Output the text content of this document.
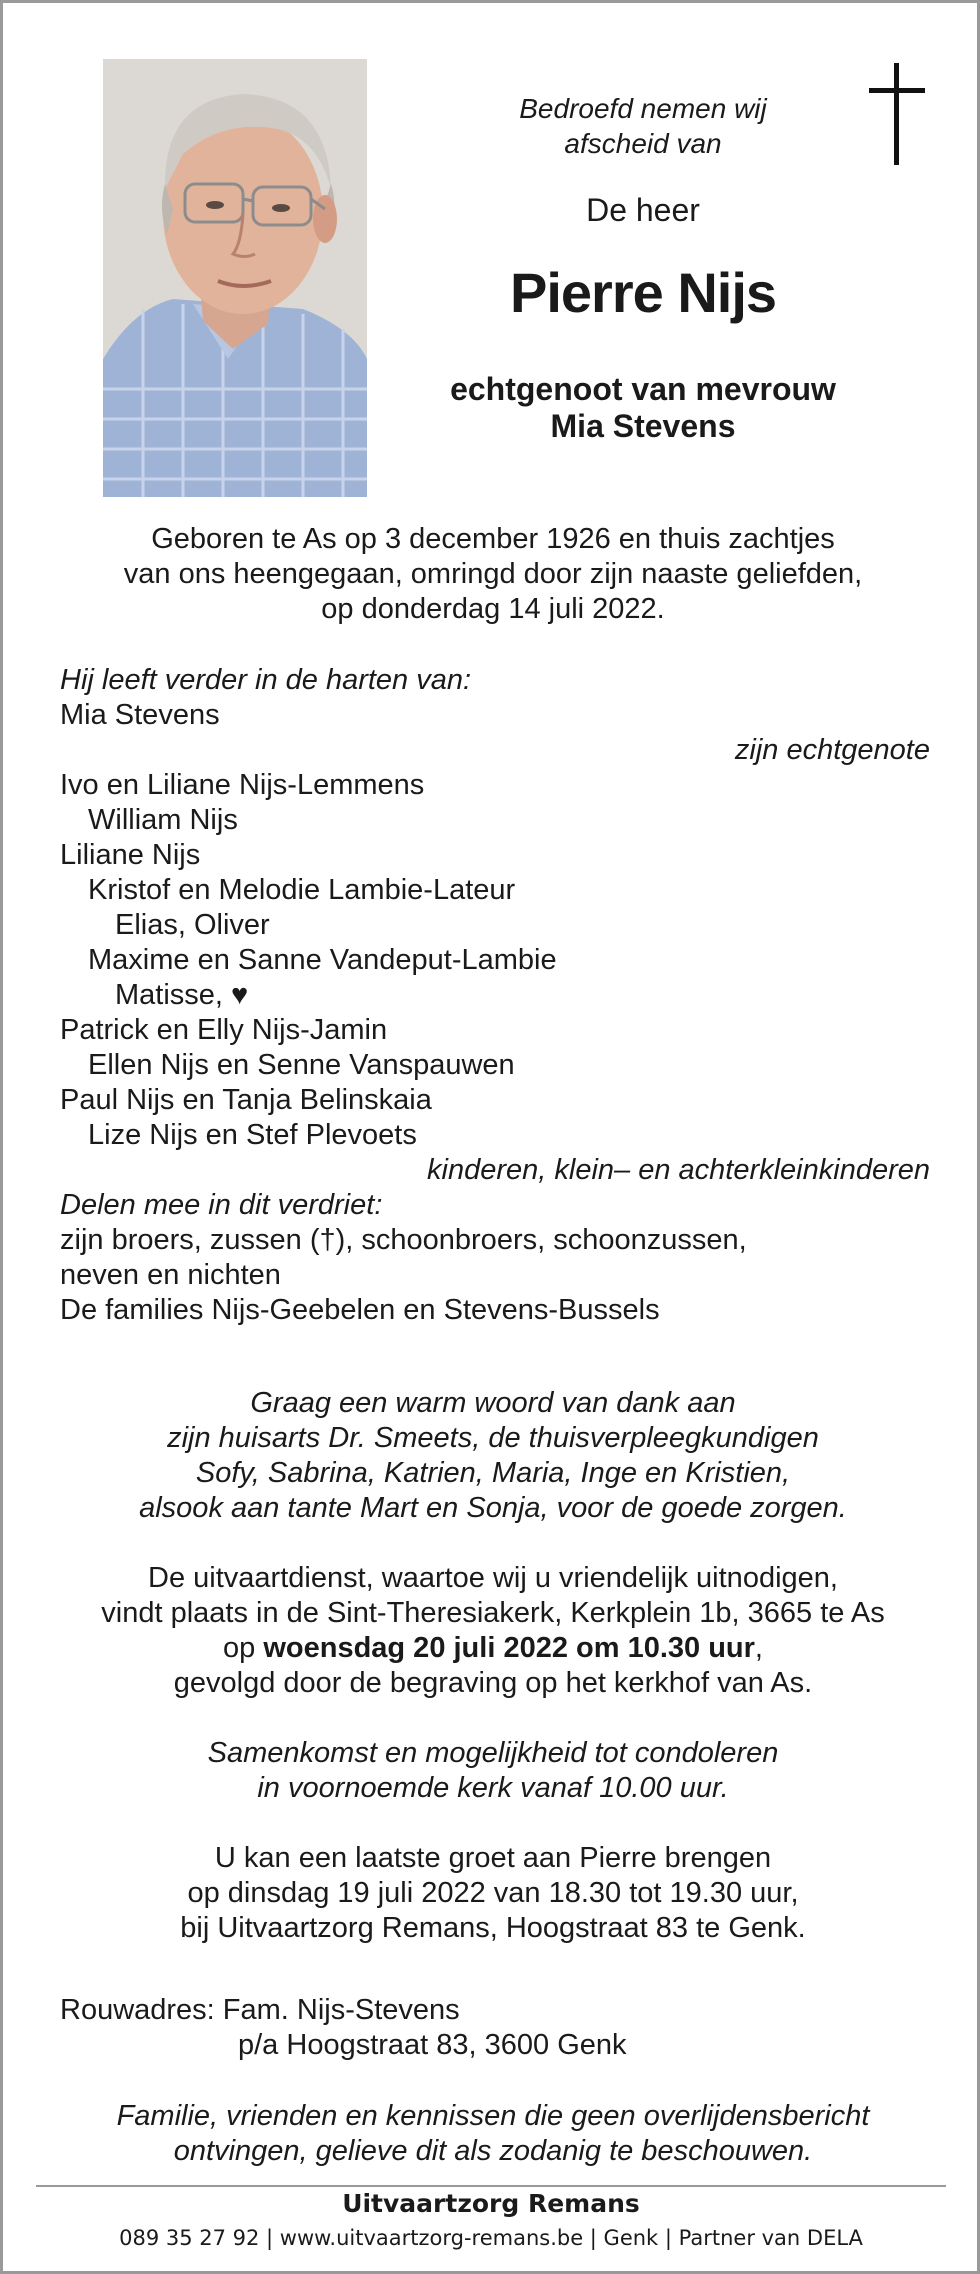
Bedroefd nemen wij
afscheid van
De heer
Pierre Nijs
echtgenoot van mevrouw
Mia Stevens
Geboren te As op 3 december 1926 en thuis zachtjes
van ons heengegaan, omringd door zijn naaste geliefden,
op donderdag 14 juli 2022.
Hij leeft verder in de harten van:
Mia Stevens
zijn echtgenote
Ivo en Liliane Nijs-Lemmens
William Nijs
Liliane Nijs
Kristof en Melodie Lambie-Lateur
Elias, Oliver
Maxime en Sanne Vandeput-Lambie
Matisse, ♥
Patrick en Elly Nijs-Jamin
Ellen Nijs en Senne Vanspauwen
Paul Nijs en Tanja Belinskaia
Lize Nijs en Stef Plevoets
kinderen, klein– en achterkleinkinderen
Delen mee in dit verdriet:
zijn broers, zussen (†), schoonbroers, schoonzussen,
neven en nichten
De families Nijs-Geebelen en Stevens-Bussels
Graag een warm woord van dank aan
zijn huisarts Dr. Smeets, de thuisverpleegkundigen
Sofy, Sabrina, Katrien, Maria, Inge en Kristien,
alsook aan tante Mart en Sonja, voor de goede zorgen.
De uitvaartdienst, waartoe wij u vriendelijk uitnodigen,
vindt plaats in de Sint-Theresiakerk, Kerkplein 1b, 3665 te As
op woensdag 20 juli 2022 om 10.30 uur,
gevolgd door de begraving op het kerkhof van As.
Samenkomst en mogelijkheid tot condoleren
in voornoemde kerk vanaf 10.00 uur.
U kan een laatste groet aan Pierre brengen
op dinsdag 19 juli 2022 van 18.30 tot 19.30 uur,
bij Uitvaartzorg Remans, Hoogstraat 83 te Genk.
Rouwadres: Fam. Nijs-Stevens
p/a Hoogstraat 83, 3600 Genk
Familie, vrienden en kennissen die geen overlijdensbericht
ontvingen, gelieve dit als zodanig te beschouwen.
Uitvaartzorg Remans
089 35 27 92 | www.uitvaartzorg-remans.be | Genk | Partner van DELA
